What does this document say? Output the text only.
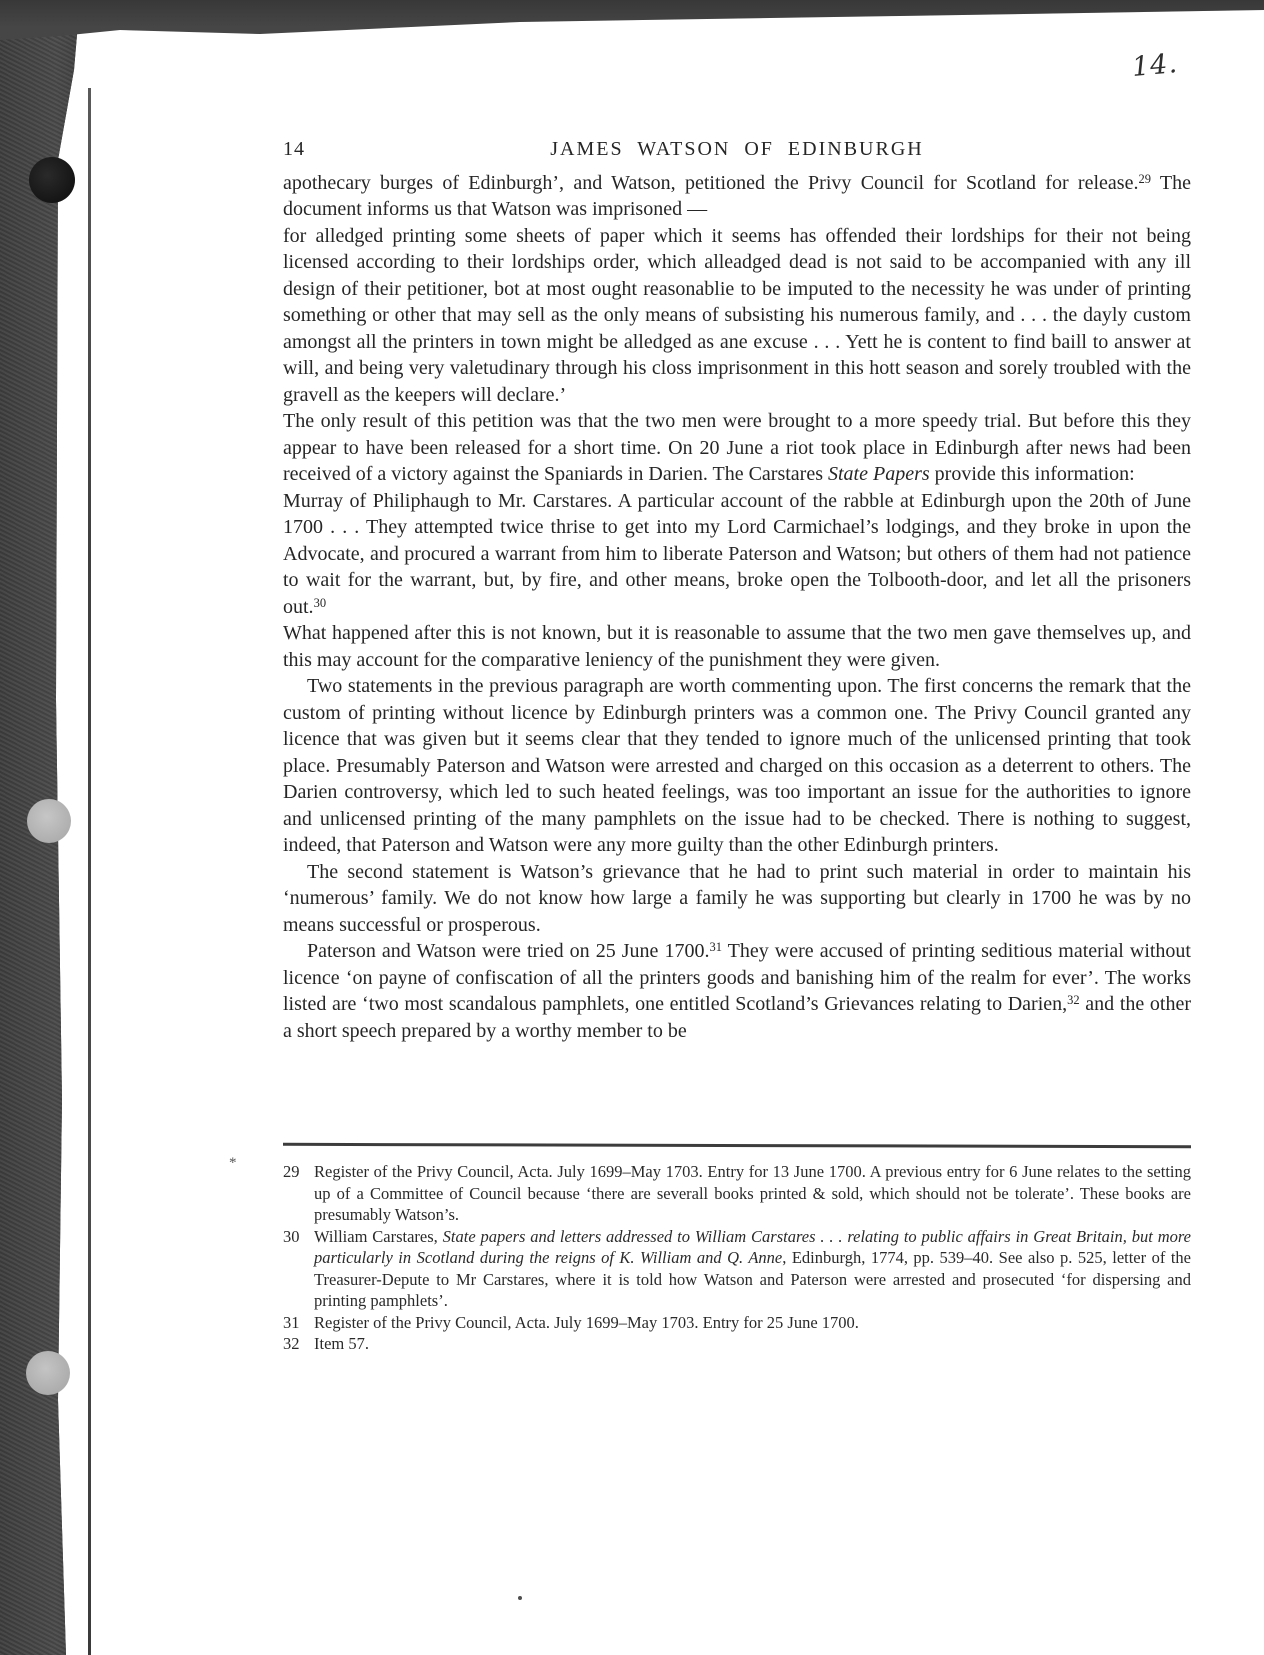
14.
*
14	JAMES WATSON OF EDINBURGH

apothecary burges of Edinburgh’, and Watson, petitioned the Privy Council for Scotland for release.$^{29}$ The document informs us that Watson was imprisoned —

for alledged printing some sheets of paper which it seems has offended their lordships for their not being licensed according to their lordships order, which alleadged dead is not said to be accompanied with any ill design of their petitioner, bot at most ought reasonablie to be imputed to the necessity he was under of printing something or other that may sell as the only means of subsisting his numerous family, and . . . the dayly custom amongst all the printers in town might be alledged as ane excuse . . . Yett he is content to find baill to answer at will, and being very valetudinary through his closs imprisonment in this hott season and sorely troubled with the gravell as the keepers will declare.’

The only result of this petition was that the two men were brought to a more speedy trial. But before this they appear to have been released for a short time. On 20 June a riot took place in Edinburgh after news had been received of a victory against the Spaniards in Darien. The Carstares State Papers provide this information:

Murray of Philiphaugh to Mr. Carstares. A particular account of the rabble at Edinburgh upon the 20th of June 1700 . . . They attempted twice thrise to get into my Lord Carmichael’s lodgings, and they broke in upon the Advocate, and procured a warrant from him to liberate Paterson and Watson; but others of them had not patience to wait for the warrant, but, by fire, and other means, broke open the Tolbooth-door, and let all the prisoners out.$^{30}$

What happened after this is not known, but it is reasonable to assume that the two men gave themselves up, and this may account for the comparative leniency of the punishment they were given.

Two statements in the previous paragraph are worth commenting upon. The first concerns the remark that the custom of printing without licence by Edinburgh printers was a common one. The Privy Council granted any licence that was given but it seems clear that they tended to ignore much of the unlicensed printing that took place. Presumably Paterson and Watson were arrested and charged on this occasion as a deterrent to others. The Darien controversy, which led to such heated feelings, was too important an issue for the authorities to ignore and unlicensed printing of the many pamphlets on the issue had to be checked. There is nothing to suggest, indeed, that Paterson and Watson were any more guilty than the other Edinburgh printers.

The second statement is Watson’s grievance that he had to print such material in order to maintain his ‘numerous’ family. We do not know how large a family he was supporting but clearly in 1700 he was by no means successful or prosperous.

Paterson and Watson were tried on 25 June 1700.31 They were accused of printing seditious material without licence ‘on payne of confiscation of all the printers goods and banishing him of the realm for ever’. The works listed are ‘two most scandalous pamphlets, one entitled Scotland’s Grievances relating to Darien,$^{32}$ and the other a short speech prepared by a worthy member to be

29 Register of the Privy Council, Acta. July 1699–May 1703. Entry for 13 June 1700. A previous entry for 6 June relates to the setting up of a Committee of Council because ‘there are severall books printed & sold, which should not be tolerate’. These books are presumably Watson’s.
30 William Carstares, State papers and letters addressed to William Carstares . . . relating to public affairs in Great Britain, but more particularly in Scotland during the reigns of K. William and Q. Anne, Edinburgh, 1774, pp. 539–40. See also p. 525, letter of the Treasurer-Depute to Mr Carstares, where it is told how Watson and Paterson were arrested and prosecuted ‘for dispersing and printing pamphlets’.
31 Register of the Privy Council, Acta. July 1699–May 1703. Entry for 25 June 1700.
32 Item 57.
